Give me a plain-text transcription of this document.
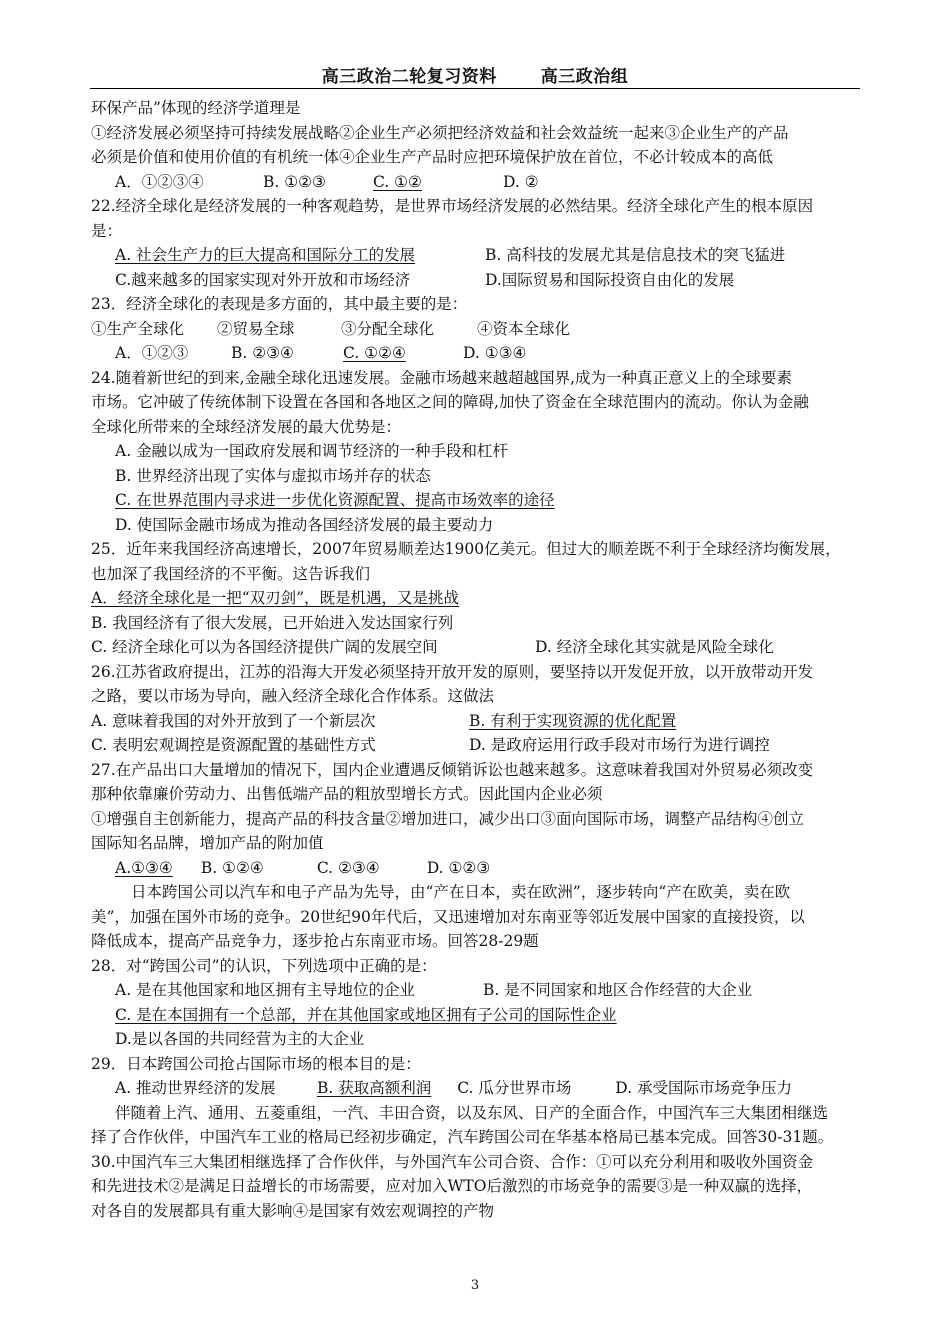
高三政治二轮复习资料	高三政治组
环保产品”体现的经济学道理是
①经济发展必须坚持可持续发展战略②企业生产必须把经济效益和社会效益统一起来③企业生产的产品
必须是价值和使用价值的有机统一体④企业生产产品时应把环境保护放在首位，不必计较成本的高低
A．①②③④	B. ①②③	C. ①②	D. ②
22.经济全球化是经济发展的一种客观趋势，是世界市场经济发展的必然结果。经济全球化产生的根本原因
是：
A. 社会生产力的巨大提高和国际分工的发展	B. 高科技的发展尤其是信息技术的突飞猛进
C.越来越多的国家实现对外开放和市场经济	D.国际贸易和国际投资自由化的发展
23．经济全球化的表现是多方面的，其中最主要的是：
①生产全球化 ②贸易全球	③分配全球化	④资本全球化
A．①②③	B. ②③④	C. ①②④	D. ①③④
24.随着新世纪的到来,金融全球化迅速发展。金融市场越来越超越国界,成为一种真正意义上的全球要素
市场。它冲破了传统体制下设置在各国和各地区之间的障碍,加快了资金在全球范围内的流动。你认为金融
全球化所带来的全球经济发展的最大优势是：
A. 金融以成为一国政府发展和调节经济的一种手段和杠杆
B. 世界经济出现了实体与虚拟市场并存的状态
C. 在世界范围内寻求进一步优化资源配置、提高市场效率的途径
D. 使国际金融市场成为推动各国经济发展的最主要动力
25．近年来我国经济高速增长，2007年贸易顺差达1900亿美元。但过大的顺差既不利于全球经济均衡发展，
也加深了我国经济的不平衡。这告诉我们
A．经济全球化是一把“双刃剑”，既是机遇，又是挑战
B. 我国经济有了很大发展，已开始进入发达国家行列
C. 经济全球化可以为各国经济提供广阔的发展空间	D. 经济全球化其实就是风险全球化
26.江苏省政府提出，江苏的沿海大开发必须坚持开放开发的原则，要坚持以开发促开放，以开放带动开发
之路，要以市场为导向，融入经济全球化合作体系。这做法
A. 意味着我国的对外开放到了一个新层次	B. 有利于实现资源的优化配置
C. 表明宏观调控是资源配置的基础性方式	D. 是政府运用行政手段对市场行为进行调控
27.在产品出口大量增加的情况下，国内企业遭遇反倾销诉讼也越来越多。这意味着我国对外贸易必须改变
那种依靠廉价劳动力、出售低端产品的粗放型增长方式。因此国内企业必须
①增强自主创新能力，提高产品的科技含量②增加进口，减少出口③面向国际市场，调整产品结构④创立
国际知名品牌，增加产品的附加值
A.①③④ B. ①②④	C. ②③④	D. ①②③
日本跨国公司以汽车和电子产品为先导，由“产在日本，卖在欧洲”，逐步转向“产在欧美，卖在欧
美”，加强在国外市场的竞争。20世纪90年代后，又迅速增加对东南亚等邻近发展中国家的直接投资，以
降低成本，提高产品竞争力，逐步抢占东南亚市场。回答28-29题
28．对“跨国公司”的认识，下列选项中正确的是：
A. 是在其他国家和地区拥有主导地位的企业	B. 是不同国家和地区合作经营的大企业
C. 是在本国拥有一个总部，并在其他国家或地区拥有子公司的国际性企业
D.是以各国的共同经营为主的大企业
29．日本跨国公司抢占国际市场的根本目的是：
A. 推动世界经济的发展	B. 获取高额利润 C. 瓜分世界市场	D. 承受国际市场竞争压力
伴随着上汽、通用、五菱重组，一汽、丰田合资，以及东风、日产的全面合作，中国汽车三大集团相继选
择了合作伙伴，中国汽车工业的格局已经初步确定，汽车跨国公司在华基本格局已基本完成。回答30-31题。
30.中国汽车三大集团相继选择了合作伙伴，与外国汽车公司合资、合作：①可以充分利用和吸收外国资金
和先进技术②是满足日益增长的市场需要，应对加入WTO后激烈的市场竞争的需要③是一种双赢的选择，
对各自的发展都具有重大影响④是国家有效宏观调控的产物
3
